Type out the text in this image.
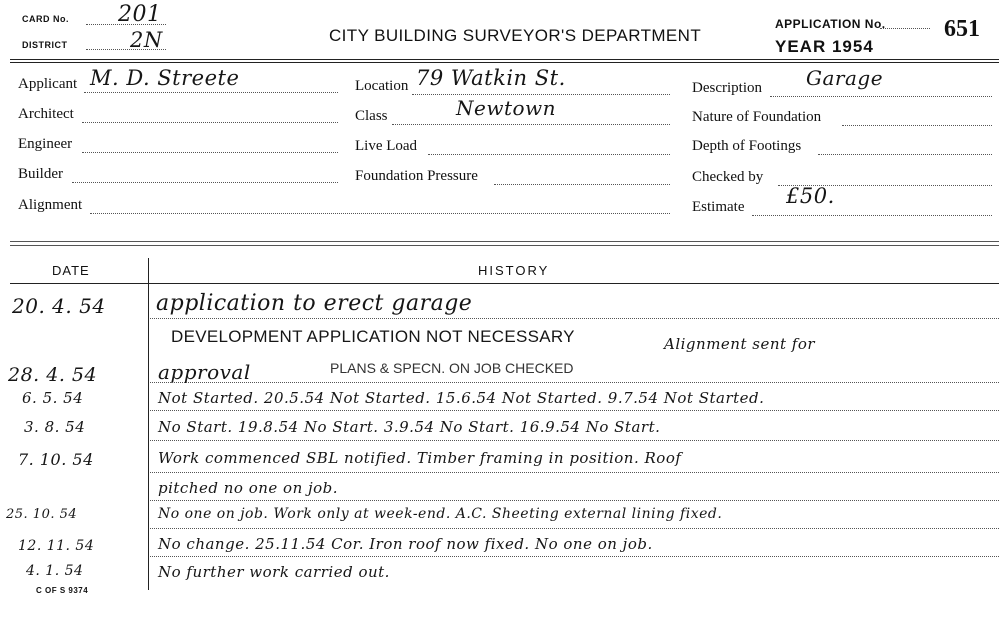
CARD No. 201
DISTRICT	2N	CITY BUILDING SURVEYOR'S DEPARTMENT
APPLICATION No. 651
YEAR 1954
Applicant M. D. Streete
Architect
Engineer
Builder
Alignment
Location 79 Watkin St.
Class	Newtown
Live Load
Foundation Pressure
Description Garage
Nature of Foundation
Depth of Footings
Checked by
Estimate £50.
DATE	HISTORY
20. 4. 54 application to erect garage
DEVELOPMENT APPLICATION NOT NECESSARY	Alignment sent for
28. 4. 54	approval	PLANS & SPECN. ON JOB CHECKED
6. 5. 54	Not Started. 20.5.54 Not Started. 15.6.54 Not Started. 9.7.54 Not Started.
3. 8. 54	No Start. 19.8.54 No Start. 3.9.54 No Start. 16.9.54 No Start.
7. 10. 54	Work commenced SBL notified. Timber framing in position. Roof
pitched no one on job.
25. 10. 54	No one on job. Work only at week-end. A.C. Sheeting external lining fixed.
12. 11. 54	No change. 25.11.54 Cor. Iron roof now fixed. No one on job.
4. 1. 54	No further work carried out.
C OF S 9374
